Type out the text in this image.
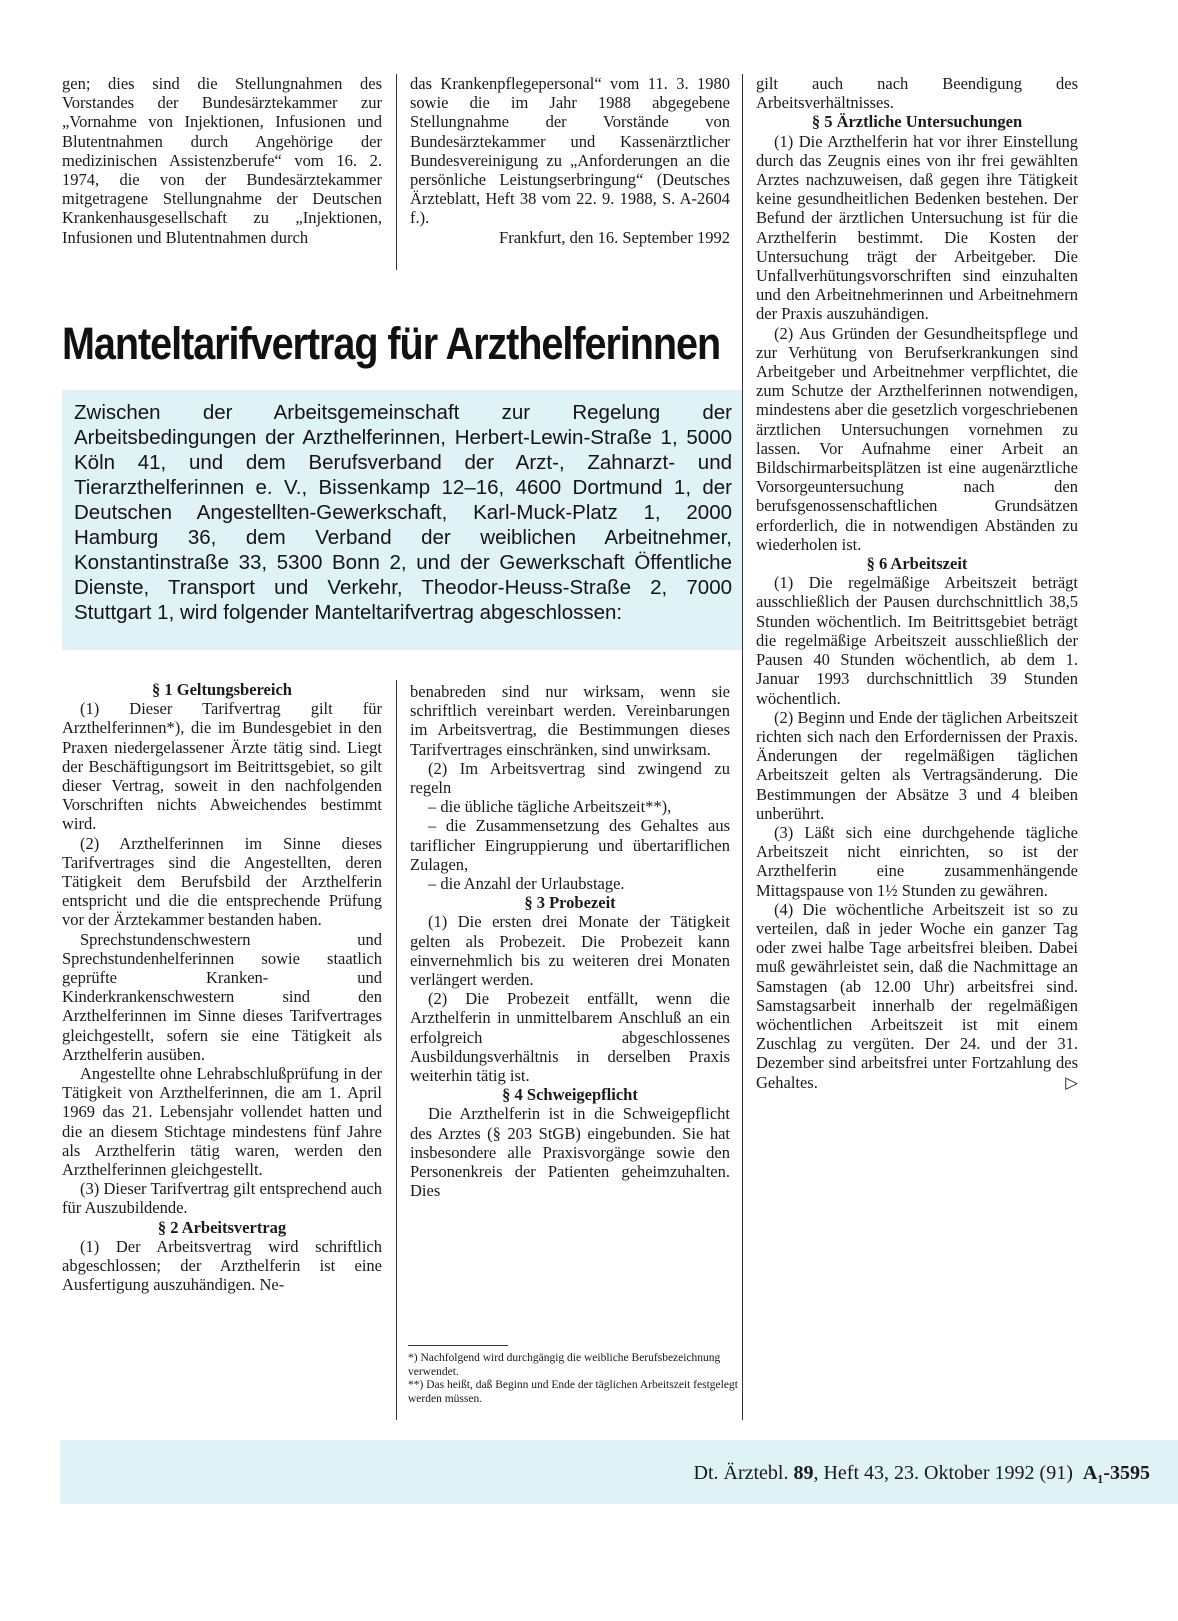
gen; dies sind die Stellungnahmen des Vorstandes der Bundesärztekammer zur „Vornahme von Injektionen, Infusionen und Blutentnahmen durch Angehörige der medizinischen Assistenzberufe“ vom 16. 2. 1974, die von der Bundesärztekammer mitgetragene Stellungnahme der Deutschen Krankenhausgesellschaft zu „Injektionen, Infusionen und Blutentnahmen durch

das Krankenpflegepersonal“ vom 11. 3. 1980 sowie die im Jahr 1988 abgegebene Stellungnahme der Vorstände von Bundesärztekammer und Kassenärztlicher Bundesvereinigung zu „Anforderungen an die persönliche Leistungserbringung“ (Deutsches Ärzteblatt, Heft 38 vom 22. 9. 1988, S. A-2604 f.).

Frankfurt, den 16. September 1992

Manteltarifvertrag für Arzthelferinnen
Zwischen der Arbeitsgemeinschaft zur Regelung der Arbeitsbedingungen der Arzthelferinnen, Herbert-Lewin-Straße 1, 5000 Köln 41, und dem Berufsverband der Arzt-, Zahnarzt- und Tierarzthelferinnen e. V., Bissenkamp 12–16, 4600 Dortmund 1, der Deutschen Angestellten-Gewerkschaft, Karl-Muck-Platz 1, 2000 Hamburg 36, dem Verband der weiblichen Arbeitnehmer, Konstantinstraße 33, 5300 Bonn 2, und der Gewerkschaft Öffentliche Dienste, Transport und Verkehr, Theodor-Heuss-Straße 2, 7000 Stuttgart 1, wird folgender Manteltarifvertrag abgeschlossen:

§ 1 Geltungsbereich

(1) Dieser Tarifvertrag gilt für Arzthelferinnen*), die im Bundesgebiet in den Praxen niedergelassener Ärzte tätig sind. Liegt der Beschäftigungsort im Beitrittsgebiet, so gilt dieser Vertrag, soweit in den nachfolgenden Vorschriften nichts Abweichendes bestimmt wird.

(2) Arzthelferinnen im Sinne dieses Tarifvertrages sind die Angestellten, deren Tätigkeit dem Berufsbild der Arzthelferin entspricht und die die entsprechende Prüfung vor der Ärztekammer bestanden haben.

Sprechstundenschwestern und Sprechstundenhelferinnen sowie staatlich geprüfte Kranken- und Kinderkrankenschwestern sind den Arzthelferinnen im Sinne dieses Tarifvertrages gleichgestellt, sofern sie eine Tätigkeit als Arzthelferin ausüben.

Angestellte ohne Lehrabschlußprüfung in der Tätigkeit von Arzthelferinnen, die am 1. April 1969 das 21. Lebensjahr vollendet hatten und die an diesem Stichtage mindestens fünf Jahre als Arzthelferin tätig waren, werden den Arzthelferinnen gleichgestellt.

(3) Dieser Tarifvertrag gilt entsprechend auch für Auszubildende.

§ 2 Arbeitsvertrag

(1) Der Arbeitsvertrag wird schriftlich abgeschlossen; der Arzthelferin ist eine Ausfertigung auszuhändigen. Ne-

benabreden sind nur wirksam, wenn sie schriftlich vereinbart werden. Vereinbarungen im Arbeitsvertrag, die Bestimmungen dieses Tarifvertrages einschränken, sind unwirksam.

(2) Im Arbeitsvertrag sind zwingend zu regeln

– die übliche tägliche Arbeitszeit**),

– die Zusammensetzung des Gehaltes aus tariflicher Eingruppierung und übertariflichen Zulagen,

– die Anzahl der Urlaubstage.

§ 3 Probezeit

(1) Die ersten drei Monate der Tätigkeit gelten als Probezeit. Die Probezeit kann einvernehmlich bis zu weiteren drei Monaten verlängert werden.

(2) Die Probezeit entfällt, wenn die Arzthelferin in unmittelbarem Anschluß an ein erfolgreich abgeschlossenes Ausbildungsverhältnis in derselben Praxis weiterhin tätig ist.

§ 4 Schweigepflicht

Die Arzthelferin ist in die Schweigepflicht des Arztes (§ 203 StGB) eingebunden. Sie hat insbesondere alle Praxisvorgänge sowie den Personenkreis der Patienten geheimzuhalten. Dies

*) Nachfolgend wird durchgängig die weibliche Berufsbezeichnung verwendet.

**) Das heißt, daß Beginn und Ende der täglichen Arbeitszeit festgelegt werden müssen.

gilt auch nach Beendigung des Arbeitsverhältnisses.

§ 5 Ärztliche Untersuchungen

(1) Die Arzthelferin hat vor ihrer Einstellung durch das Zeugnis eines von ihr frei gewählten Arztes nachzuweisen, daß gegen ihre Tätigkeit keine gesundheitlichen Bedenken bestehen. Der Befund der ärztlichen Untersuchung ist für die Arzthelferin bestimmt. Die Kosten der Untersuchung trägt der Arbeitgeber. Die Unfallverhütungsvorschriften sind einzuhalten und den Arbeitnehmerinnen und Arbeitnehmern der Praxis auszuhändigen.

(2) Aus Gründen der Gesundheitspflege und zur Verhütung von Berufserkrankungen sind Arbeitgeber und Arbeitnehmer verpflichtet, die zum Schutze der Arzthelferinnen notwendigen, mindestens aber die gesetzlich vorgeschriebenen ärztlichen Untersuchungen vornehmen zu lassen. Vor Aufnahme einer Arbeit an Bildschirmarbeitsplätzen ist eine augenärztliche Vorsorgeuntersuchung nach den berufsgenossenschaftlichen Grundsätzen erforderlich, die in notwendigen Abständen zu wiederholen ist.

§ 6 Arbeitszeit

(1) Die regelmäßige Arbeitszeit beträgt ausschließlich der Pausen durchschnittlich 38,5 Stunden wöchentlich. Im Beitrittsgebiet beträgt die regelmäßige Arbeitszeit ausschließlich der Pausen 40 Stunden wöchentlich, ab dem 1. Januar 1993 durchschnittlich 39 Stunden wöchentlich.

(2) Beginn und Ende der täglichen Arbeitszeit richten sich nach den Erfordernissen der Praxis. Änderungen der regelmäßigen täglichen Arbeitszeit gelten als Vertragsänderung. Die Bestimmungen der Absätze 3 und 4 bleiben unberührt.

(3) Läßt sich eine durchgehende tägliche Arbeitszeit nicht einrichten, so ist der Arzthelferin eine zusammenhängende Mittagspause von 1½ Stunden zu gewähren.

(4) Die wöchentliche Arbeitszeit ist so zu verteilen, daß in jeder Woche ein ganzer Tag oder zwei halbe Tage arbeitsfrei bleiben. Dabei muß gewährleistet sein, daß die Nachmittage an Samstagen (ab 12.00 Uhr) arbeitsfrei sind. Samstagsarbeit innerhalb der regelmäßigen wöchentlichen Arbeitszeit ist mit einem Zuschlag zu vergüten. Der 24. und der 31. Dezember sind arbeitsfrei unter Fortzahlung des Gehaltes.	▷

Dt. Ärztebl. 89, Heft 43, 23. Oktober 1992 (91) A₁-3595
